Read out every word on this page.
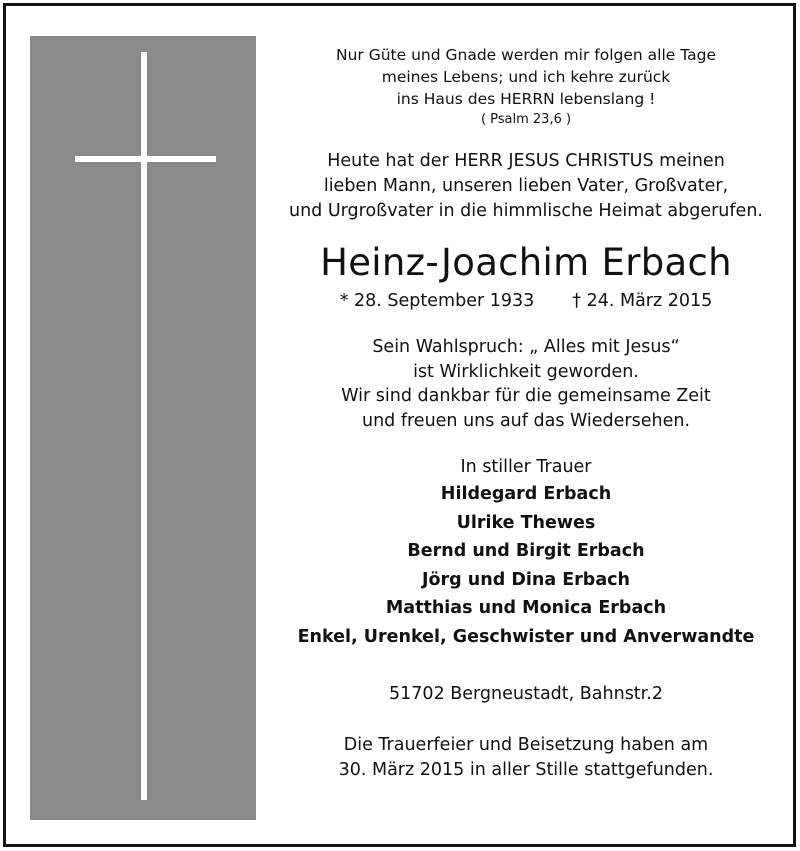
Nur Güte und Gnade werden mir folgen alle Tage

meines Lebens; und ich kehre zurück

ins Haus des HERRN lebenslang !

( Psalm 23,6 )

Heute hat der HERR JESUS CHRISTUS meinen

lieben Mann, unseren lieben Vater, Großvater,

und Urgroßvater in die himmlische Heimat abgerufen.

Heinz-Joachim Erbach

* 28. September 1933 † 24. März 2015

Sein Wahlspruch: „ Alles mit Jesus“

ist Wirklichkeit geworden.

Wir sind dankbar für die gemeinsame Zeit

und freuen uns auf das Wiedersehen.

In stiller Trauer

Hildegard Erbach

Ulrike Thewes

Bernd und Birgit Erbach

Jörg und Dina Erbach

Matthias und Monica Erbach

Enkel, Urenkel, Geschwister und Anverwandte

51702 Bergneustadt, Bahnstr.2

Die Trauerfeier und Beisetzung haben am

30. März 2015 in aller Stille stattgefunden.
